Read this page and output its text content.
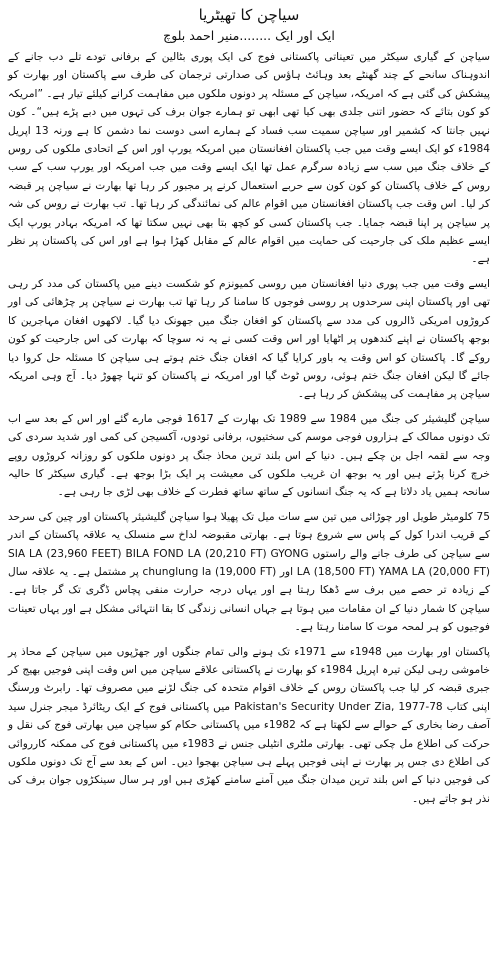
سیاچن کا تھیٹریا
ایک اور ایک ........منیر احمد بلوچ

سیاچن کے گیاری سیکٹر میں تعیناتی پاکستانی فوج کی ایک پوری بٹالین کے برفانی تودے تلے دب جانے کے اندوہناک سانحے کے چند گھنٹے بعد وہائٹ ہاؤس کی صدارتی ترجمان کی طرف سے پاکستان اور بھارت کو پیشکش کی گئی ہے کہ امریکہ، سیاچن کے مسئلہ پر دونوں ملکوں میں مفاہمت کرانے کیلئے تیار ہے۔ ”امریکہ کو کون بتائے کہ حضور اتنی جلدی بھی کیا تھی ابھی تو ہمارے جوان برف کی تہوں میں دبے پڑے ہیں“۔ کون نہیں جانتا کہ کشمیر اور سیاچن سمیت سب فساد کے ہمارے اسی دوست نما دشمن کا ہے ورنہ 13 اپریل 1984ء کو ایک ایسے وقت میں جب پاکستان افغانستان میں امریکہ یورپ اور اس کے اتحادی ملکوں کی روس کے خلاف جنگ میں سب سے زیادہ سرگرم عمل تھا ایک ایسے وقت میں جب امریکہ اور یورپ سب کے سب روس کے خلاف پاکستان کو کون کون سے حربے استعمال کرنے پر مجبور کر رہا تھا بھارت نے سیاچن پر قبضہ کر لیا۔ اس وقت جب پاکستان افغانستان میں اقوام عالم کی نمائندگی کر رہا تھا۔ تب بھارت نے روس کی شہ پر سیاچن پر اپنا قبضہ جمایا۔ جب پاکستان کسی کو کچھ بتا بھی نہیں سکتا تھا کہ امریکہ بہادر یورپ ایک ایسے عظیم ملک کی جارحیت کی حمایت میں اقوام عالم کے مقابل کھڑا ہوا ہے اور اس کی پاکستان پر نظر ہے۔

ایسے وقت میں جب پوری دنیا افغانستان میں روسی کمیونزم کو شکست دینے میں پاکستان کی مدد کر رہی تھی اور پاکستان اپنی سرحدوں پر روسی فوجوں کا سامنا کر رہا تھا تب بھارت نے سیاچن پر چڑھائی کی اور کروڑوں امریکی ڈالروں کی مدد سے پاکستان کو افغان جنگ میں جھونک دیا گیا۔ لاکھوں افغان مہاجرین کا بوجھ پاکستان نے اپنے کندھوں پر اٹھایا اور اس وقت کسی نے یہ نہ سوچا کہ بھارت کی اس جارحیت کو کون روکے گا۔ پاکستان کو اس وقت یہ باور کرایا گیا کہ افغان جنگ ختم ہوتے ہی سیاچن کا مسئلہ حل کروا دیا جائے گا لیکن افغان جنگ ختم ہوئی، روس ٹوٹ گیا اور امریکہ نے پاکستان کو تنہا چھوڑ دیا۔ آج وہی امریکہ سیاچن پر مفاہمت کی پیشکش کر رہا ہے۔

سیاچن گلیشیئر کی جنگ میں 1984 سے 1989 تک بھارت کے 1617 فوجی مارے گئے اور اس کے بعد سے اب تک دونوں ممالک کے ہزاروں فوجی موسم کی سختیوں، برفانی تودوں، آکسیجن کی کمی اور شدید سردی کی وجہ سے لقمہ اجل بن چکے ہیں۔ دنیا کے اس بلند ترین محاذ جنگ پر دونوں ملکوں کو روزانہ کروڑوں روپے خرچ کرنا پڑتے ہیں اور یہ بوجھ ان غریب ملکوں کی معیشت پر ایک بڑا بوجھ ہے۔ گیاری سیکٹر کا حالیہ سانحہ ہمیں یاد دلاتا ہے کہ یہ جنگ انسانوں کے ساتھ ساتھ فطرت کے خلاف بھی لڑی جا رہی ہے۔

75 کلومیٹر طویل اور چوڑائی میں تین سے سات میل تک پھیلا ہوا سیاچن گلیشیئر پاکستان اور چین کی سرحد کے قریب اندرا کول کے پاس سے شروع ہوتا ہے۔ بھارتی مقبوضہ لداخ سے منسلک یہ علاقہ پاکستان کے اندر سے سیاچن کی طرف جانے والے راستوں SIA LA (23,960 FEET) BILA FOND LA (20,210 FT) GYONG LA (18,500 FT) YAMA LA (20,000 FT) اور chunglung la (19,000 FT) پر مشتمل ہے۔ یہ علاقہ سال کے زیادہ تر حصے میں برف سے ڈھکا رہتا ہے اور یہاں درجہ حرارت منفی پچاس ڈگری تک گر جاتا ہے۔ سیاچن کا شمار دنیا کے ان مقامات میں ہوتا ہے جہاں انسانی زندگی کا بقا انتہائی مشکل ہے اور یہاں تعینات فوجیوں کو ہر لمحہ موت کا سامنا رہتا ہے۔

پاکستان اور بھارت میں 1948ء سے 1971ء تک ہونے والی تمام جنگوں اور جھڑپوں میں سیاچن کے محاذ پر خاموشی رہی لیکن تیرہ اپریل 1984ء کو بھارت نے پاکستانی علاقے سیاچن میں اس وقت اپنی فوجیں بھیج کر جبری قبضہ کر لیا جب پاکستان روس کے خلاف اقوام متحدہ کی جنگ لڑنے میں مصروف تھا۔ رابرٹ ورسنگ اپنی کتاب Pakistan's Security Under Zia, 1977-78 میں پاکستانی فوج کے ایک ریٹائرڈ میجر جنرل سید آصف رضا بخاری کے حوالے سے لکھتا ہے کہ 1982ء میں پاکستانی حکام کو سیاچن میں بھارتی فوج کی نقل و حرکت کی اطلاع مل چکی تھی۔ بھارتی ملٹری انٹیلی جنس نے 1983ء میں پاکستانی فوج کی ممکنہ کارروائی کی اطلاع دی جس پر بھارت نے اپنی فوجیں پہلے ہی سیاچن بھجوا دیں۔ اس کے بعد سے آج تک دونوں ملکوں کی فوجیں دنیا کے اس بلند ترین میدان جنگ میں آمنے سامنے کھڑی ہیں اور ہر سال سینکڑوں جوان برف کی نذر ہو جاتے ہیں۔
